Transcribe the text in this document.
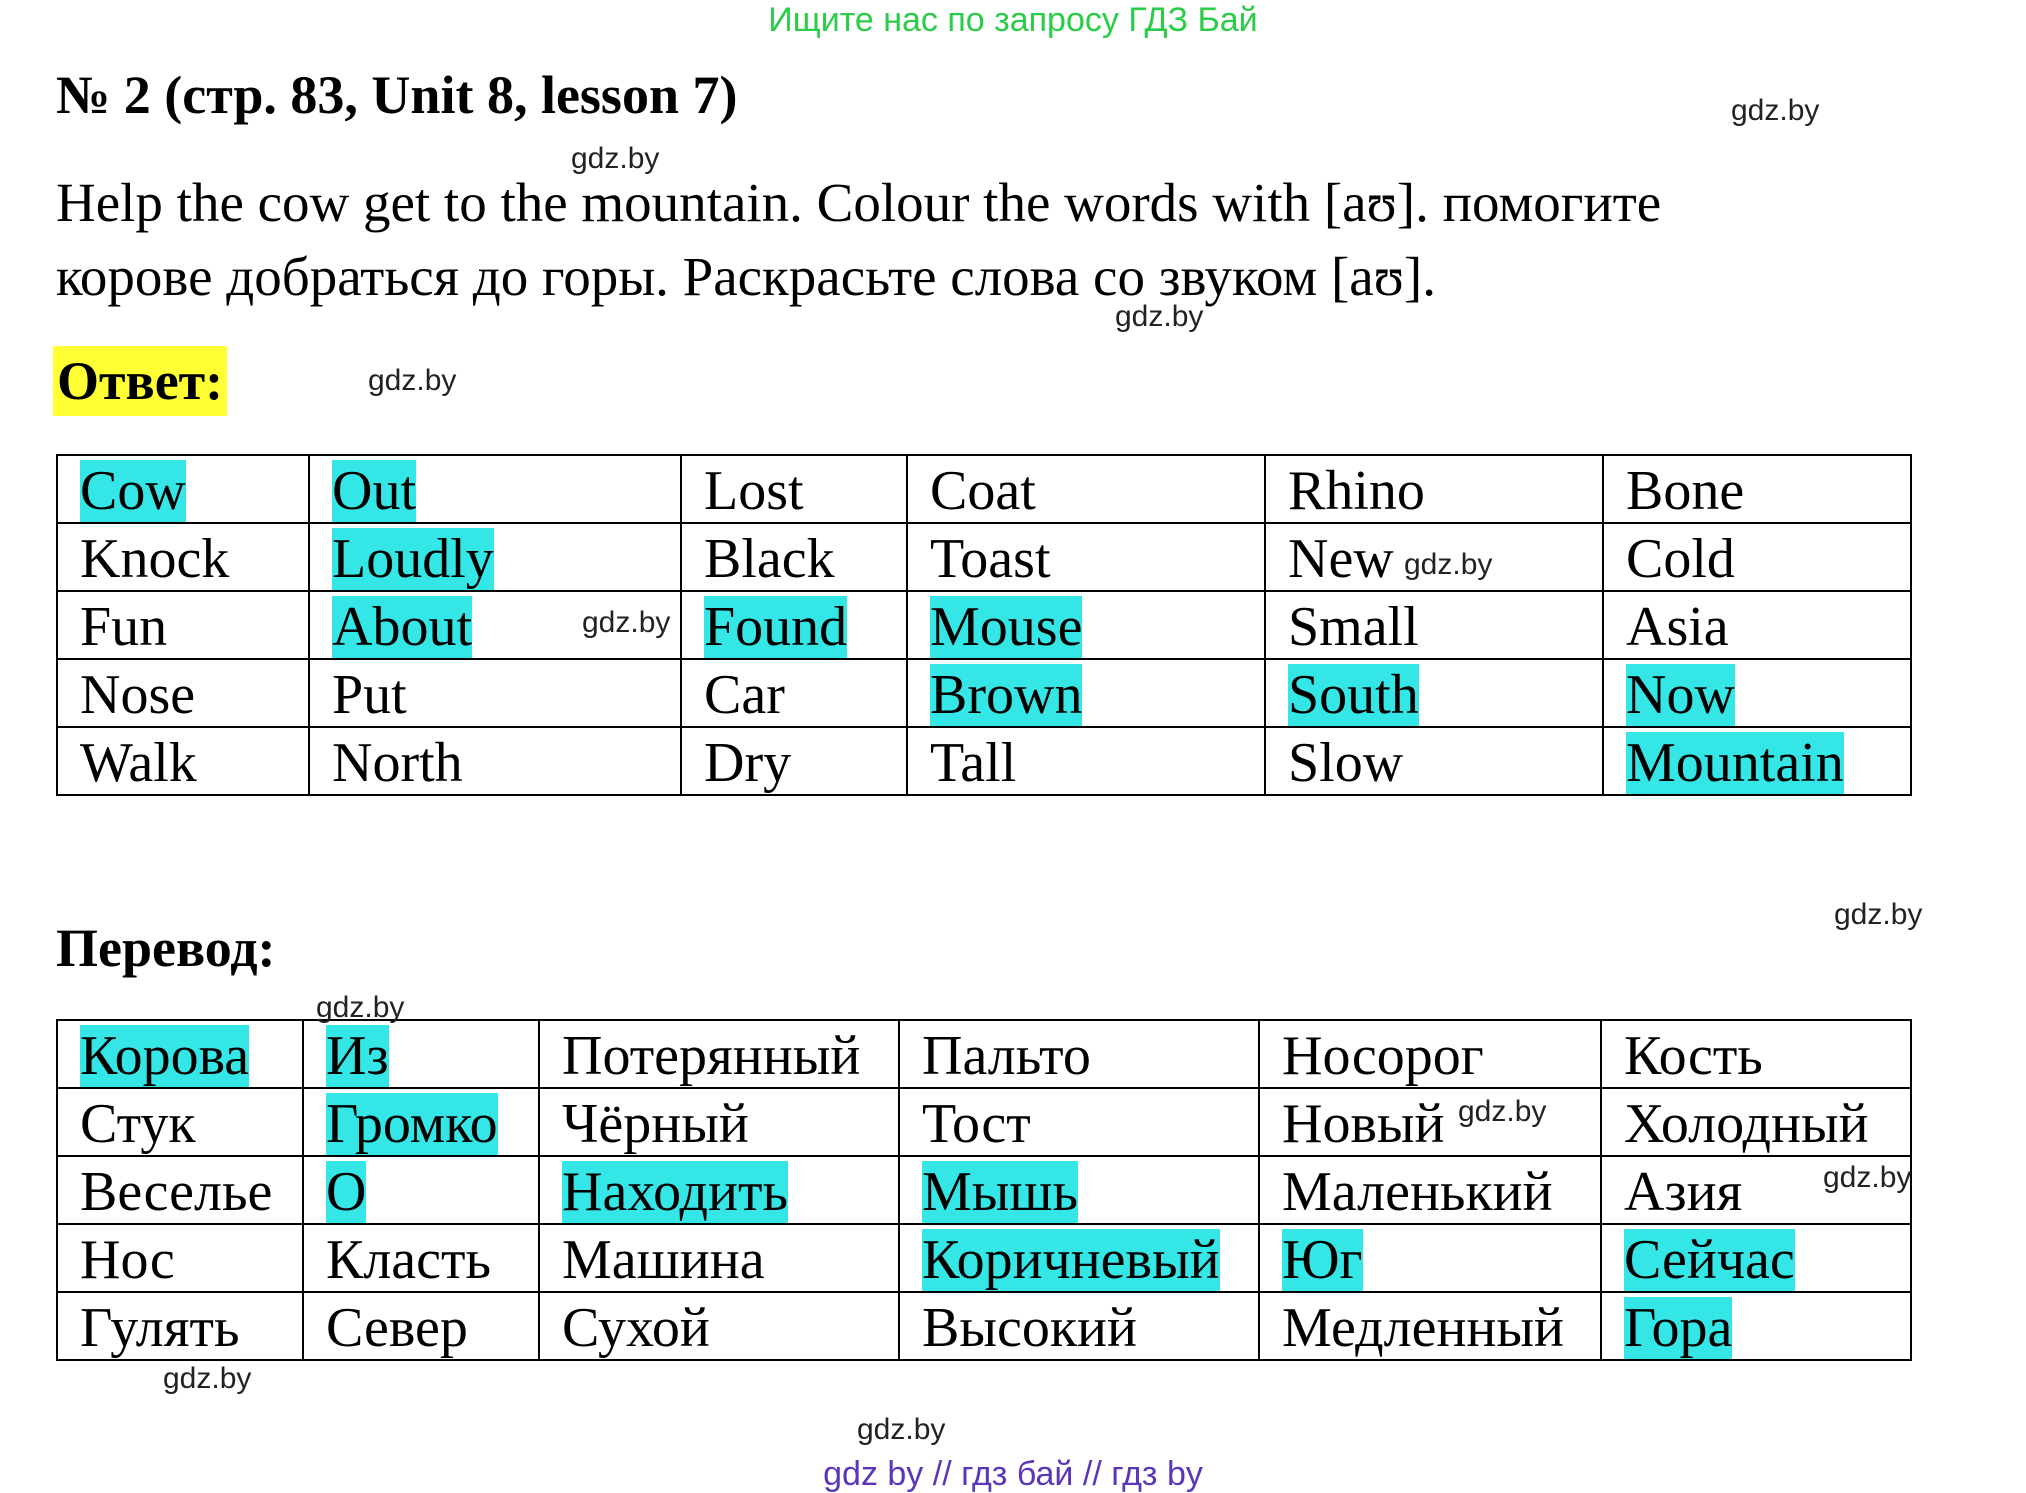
Ищите нас по запросу ГДЗ Бай
№ 2 (стр. 83, Unit 8, lesson 7)
Help the cow get to the mountain. Colour the words with [aʊ]. помогите
корове добраться до горы. Раскрасьте слова со звуком [aʊ].
Ответ:
Cow	Out	Lost	Coat	Rhino	Bone
Knock	Loudly	Black	Toast	New	Cold
Fun	About	Found	Mouse	Small	Asia
Nose	Put	Car	Brown	South	Now
Walk	North	Dry	Tall	Slow	Mountain
Перевод:
Корова	Из	Потерянный	Пальто	Носорог	Кость
Стук	Громко	Чёрный	Тост	Новый	Холодный
Веселье	О	Находить	Мышь	Маленький	Азия
Нос	Класть	Машина	Коричневый	Юг	Сейчас
Гулять	Север	Сухой	Высокий	Медленный	Гора
gdz.by
gdz.by
gdz.by
gdz.by
gdz.by
gdz.by
gdz.by
gdz.by
gdz.by
gdz.by
gdz.by
gdz.by
gdz by // гдз бай // гдз by
